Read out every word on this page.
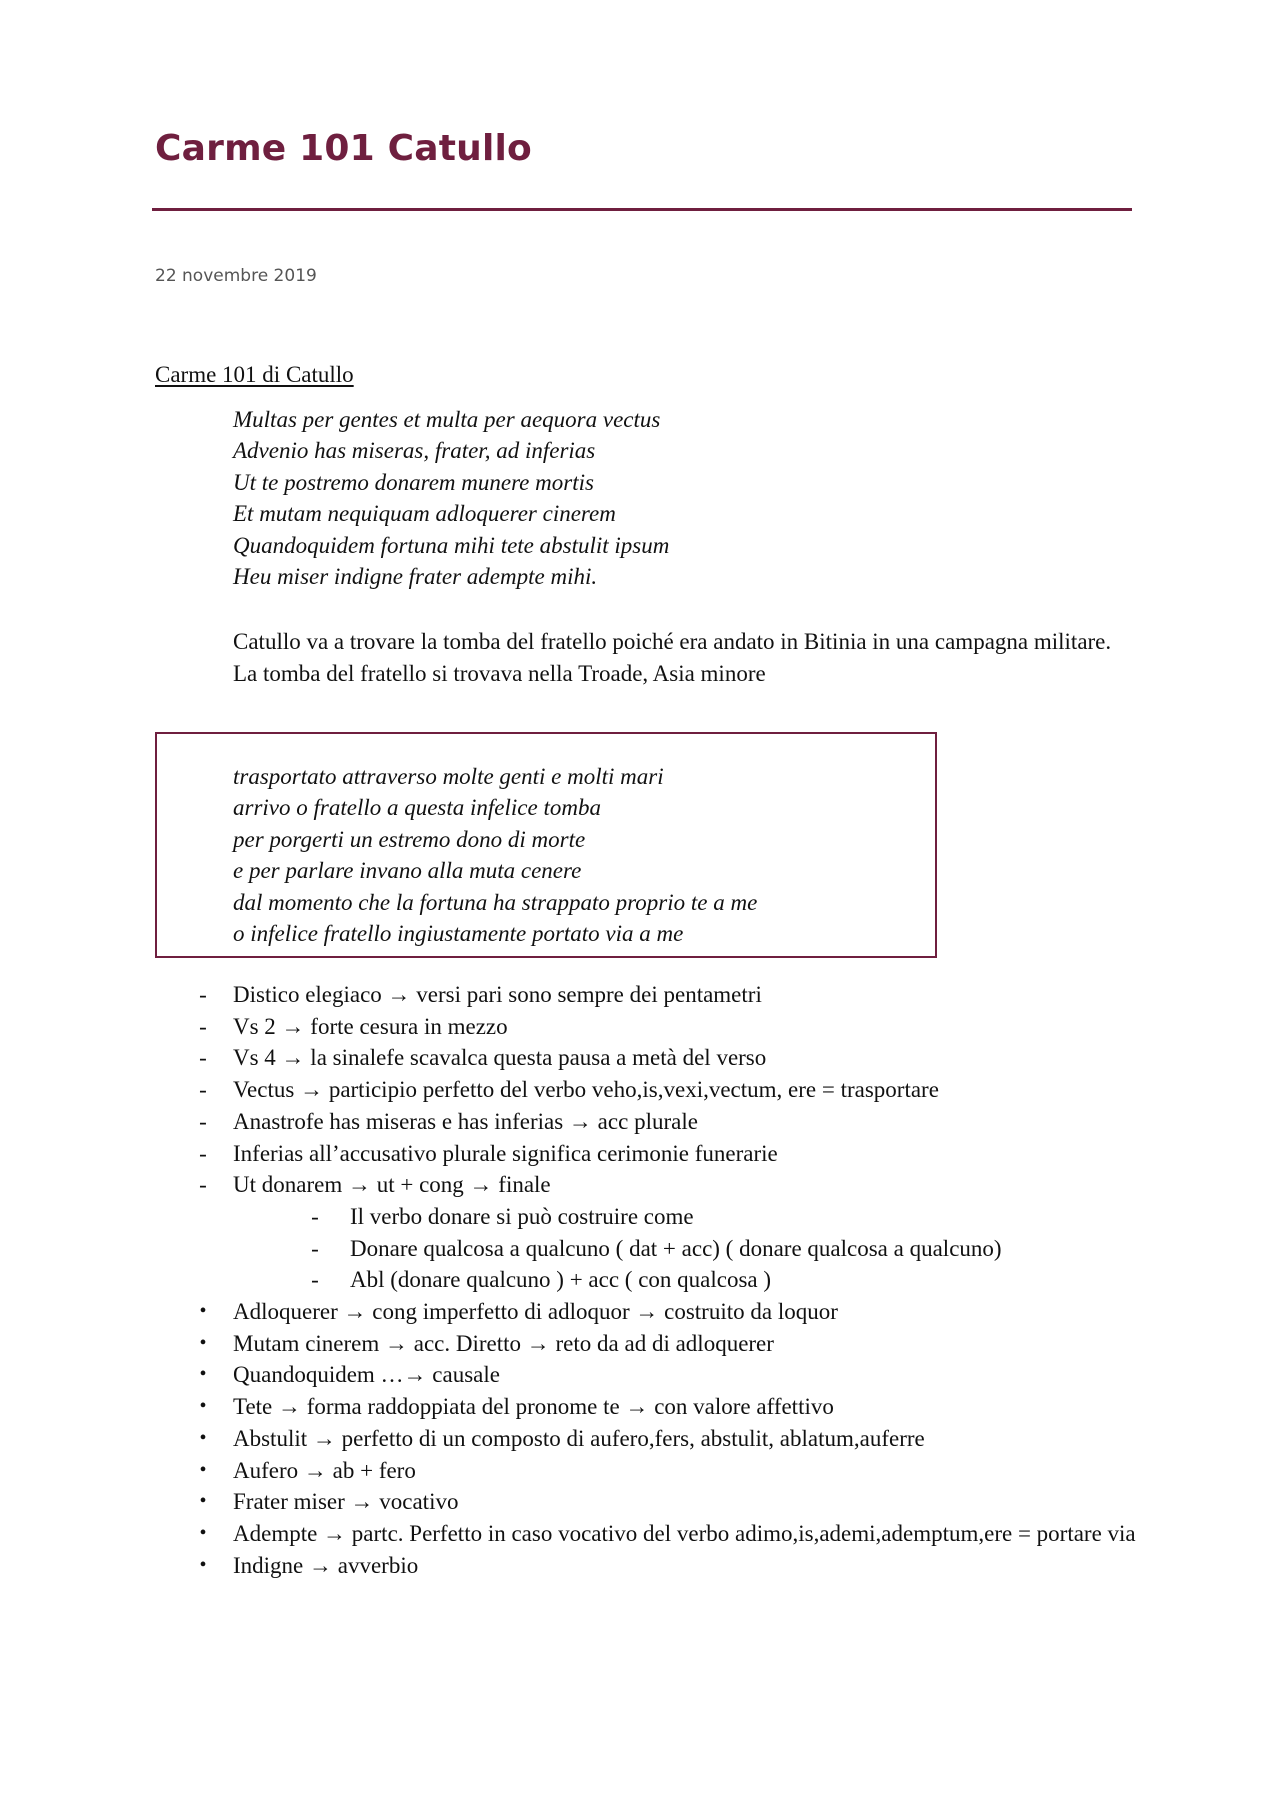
Carme 101 Catullo
22 novembre 2019
Carme 101 di Catullo
Multas per gentes et multa per aequora vectus
Advenio has miseras, frater, ad inferias
Ut te postremo donarem munere mortis
Et mutam nequiquam adloquerer cinerem
Quandoquidem fortuna mihi tete abstulit ipsum
Heu miser indigne frater adempte mihi.
Catullo va a trovare la tomba del fratello poiché era andato in Bitinia in una campagna militare. La tomba del fratello si trovava nella Troade, Asia minore
trasportato attraverso molte genti e molti mari
arrivo o fratello a questa infelice tomba
per porgerti un estremo dono di morte
e per parlare invano alla muta cenere
dal momento che la fortuna ha strappato proprio te a me
o infelice fratello ingiustamente portato via a me
- Distico elegiaco → versi pari sono sempre dei pentametri
- Vs 2 → forte cesura in mezzo
- Vs 4 → la sinalefe scavalca questa pausa a metà del verso
- Vectus → participio perfetto del verbo veho,is,vexi,vectum, ere = trasportare
- Anastrofe has miseras e has inferias → acc plurale
- Inferias all’accusativo plurale significa cerimonie funerarie
- Ut donarem → ut + cong → finale
- Il verbo donare si può costruire come
- Donare qualcosa a qualcuno ( dat + acc) ( donare qualcosa a qualcuno)
- Abl (donare qualcuno ) + acc ( con qualcosa )
• Adloquerer → cong imperfetto di adloquor → costruito da loquor
• Mutam cinerem → acc. Diretto → reto da ad di adloquerer
• Quandoquidem …→ causale
• Tete → forma raddoppiata del pronome te → con valore affettivo
• Abstulit → perfetto di un composto di aufero,fers, abstulit, ablatum,auferre
• Aufero → ab + fero
• Frater miser → vocativo
• Adempte → partc. Perfetto in caso vocativo del verbo adimo,is,ademi,ademptum,ere = portare via
• Indigne → avverbio
